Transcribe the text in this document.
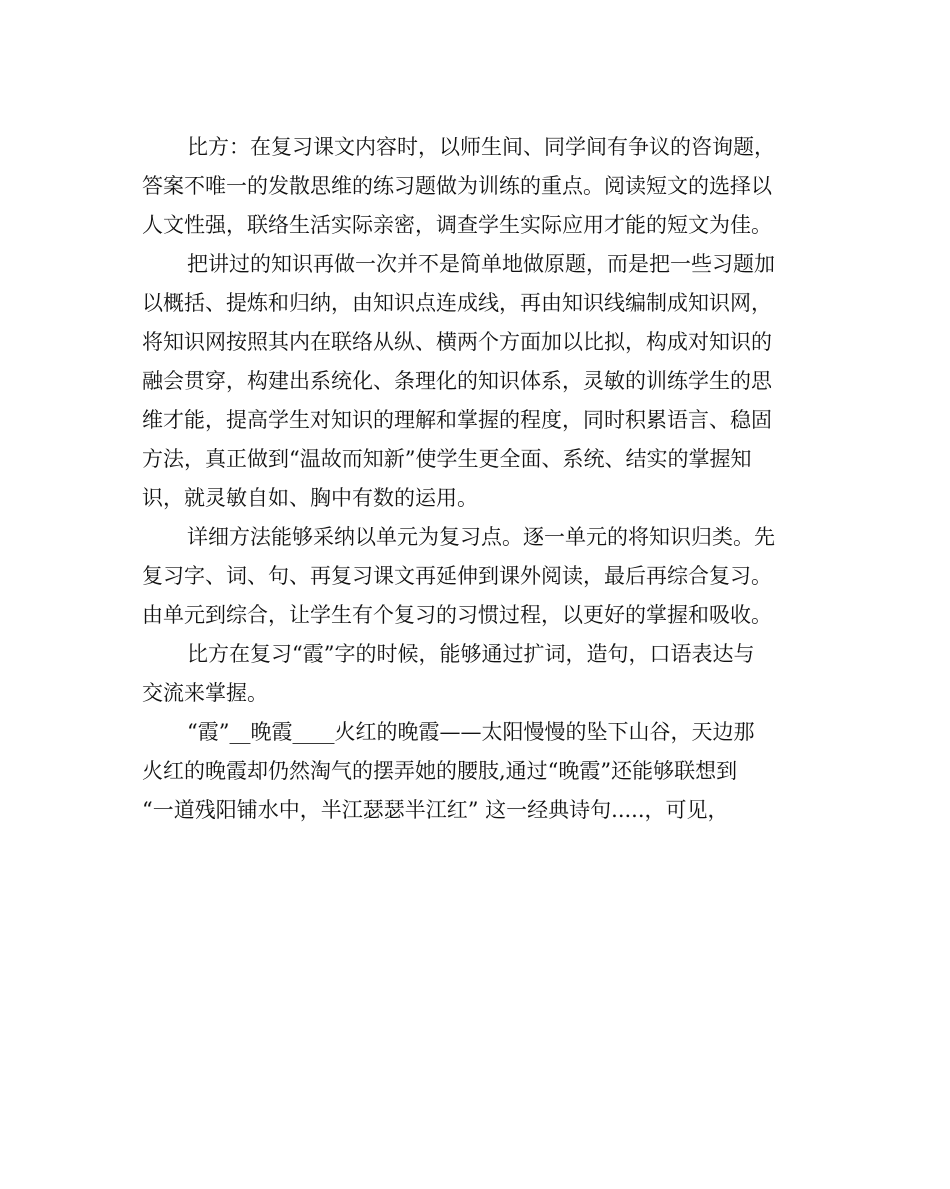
比方：在复习课文内容时，以师生间、同学间有争议的咨询题，
答案不唯一的发散思维的练习题做为训练的重点。阅读短文的选择以
人文性强，联络生活实际亲密，调查学生实际应用才能的短文为佳。
把讲过的知识再做一次并不是简单地做原题，而是把一些习题加
以概括、提炼和归纳，由知识点连成线，再由知识线编制成知识网，
将知识网按照其内在联络从纵、横两个方面加以比拟，构成对知识的
融会贯穿，构建出系统化、条理化的知识体系，灵敏的训练学生的思
维才能，提高学生对知识的理解和掌握的程度，同时积累语言、稳固
方法，真正做到“温故而知新”使学生更全面、系统、结实的掌握知
识，就灵敏自如、胸中有数的运用。
详细方法能够采纳以单元为复习点。逐一单元的将知识归类。先
复习字、词、句、再复习课文再延伸到课外阅读，最后再综合复习。
由单元到综合，让学生有个复习的习惯过程，以更好的掌握和吸收。
比方在复习“霞”字的时候，能够通过扩词，造句，口语表达与
交流来掌握。
“霞”__晚霞____火红的晚霞——太阳慢慢的坠下山谷，天边那
火红的晚霞却仍然淘气的摆弄她的腰肢,通过“晚霞”还能够联想到
“一道残阳铺水中，半江瑟瑟半江红” 这一经典诗句.....，可见，
